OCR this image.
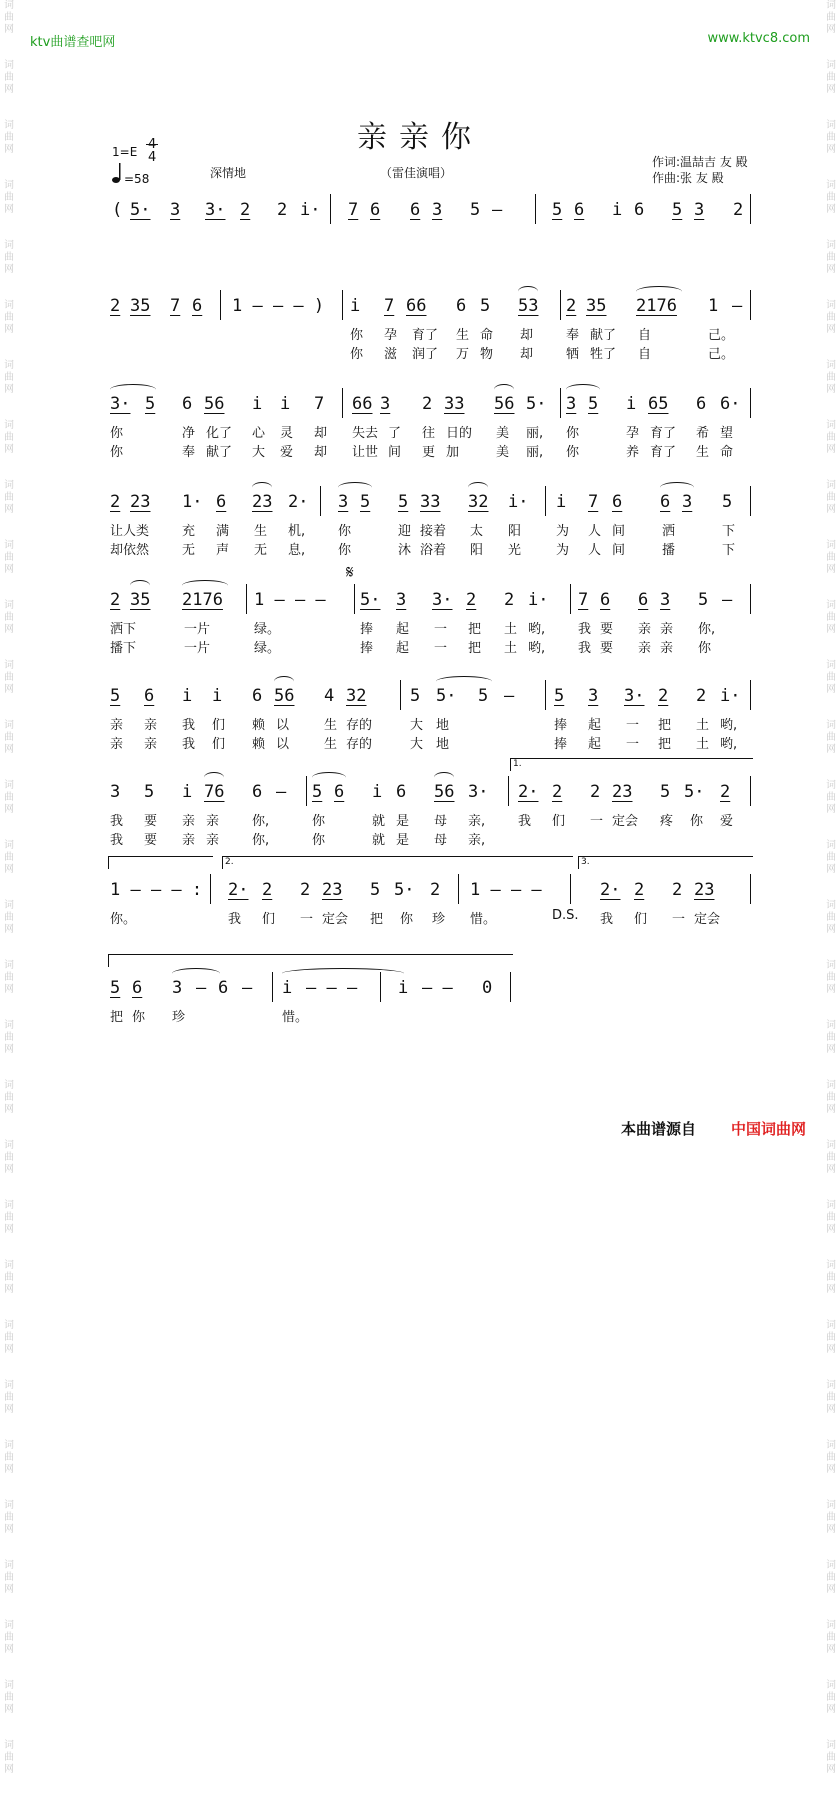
词
曲
网

词
曲
网

词
曲
网

词
曲
网

词
曲
网

词
曲
网

词
曲
网

词
曲
网

词
曲
网

词
曲
网

词
曲
网

词
曲
网

词
曲
网

词
曲
网

词
曲
网

词
曲
网

词
曲
网

词
曲
网

词
曲
网

词
曲
网

词
曲
网

词
曲
网

词
曲
网

词
曲
网

词
曲
网

词
曲
网

词
曲
网

词
曲
网

词
曲
网

词
曲
网

词
曲
网

词
曲
网

词
曲
网

词
曲
网

词
曲
网

词
曲
网

词
曲
网

词
曲
网

词
曲
网

词
曲
网

词
曲
网

词
曲
网

词
曲
网

词
曲
网

词
曲
网

词
曲
网

词
曲
网

词
曲
网

词
曲
网

词
曲
网

词
曲
网

词
曲
网

词
曲
网

词
曲
网

词
曲
网

词
曲
网

词
曲
网

词
曲
网

词
曲
网

词
曲
网

ktv曲谱查吧网	www.ktvc8.com
亲亲你
1=E 4
=58	深情地	（雷佳演唱）
作词:温喆吉 友 殿
作曲:张 友 殿
( 5· 3 3· 2 2 i· 7 6 6 3 5 –	5 6 i 6 5 3 2
2 35 7 6 1 – – – ) i 7 66 6 5 53 2 35 2176 1 –
你 孕 育了 生 命 却	奉 献了 自	己。
你 滋 润了 万 物 却	牺 牲了 自	己。
3· 5 6 56 i i 7 66 3 2 33 56 5· 3 5 i 65 6 6·
你	净 化了 心 灵 却 失去 了 往 日的 美 丽, 你	孕 育了 希 望
你	奉 献了 大 爱 却 让世 间 更 加	美 丽, 你	养 育了 生 命
2 23 1· 6 23 2· 3 5 5 33 32 i· i 7 6 6 3 5
让人类	充 满 生 机,	你	迎 接着 太 阳	为 人 间	洒	下
却依然	无 声 无 息,	你	沐 浴着 阳 光	为 人 间	播	下
2 35 2176 1 – – – 5· 3 3· 2 2 i· 7 6 6 3 5 –
𝄋
洒下	一片	绿。	捧 起 一 把 土 哟,	我 要 亲 亲 你,
播下	一片	绿。	捧 起 一 把 土 哟,	我 要 亲 亲 你
5 6 i i 6 56 4 32	5 5· 5 – 5 3 3· 2 2 i·
亲 亲 我 们 赖 以	生 存的	大 地	捧 起 一 把 土 哟,
亲 亲 我 们 赖 以	生 存的	大 地	捧 起 一 把 土 哟,
3 5 i 76 6 – 5 6 i 6 56 3· 2· 2 2 23 5 5· 2
1.
我 要 亲 亲	你,	你	就 是 母 亲,	我 们 一 定会 疼 你 爱
我 要 亲 亲	你,	你	就 是 母 亲,
1 – – – : 2· 2 2 23 5 5· 2 1 – – –	2· 2 2 23
2.	3.
你。	我 们 一 定会 把 你 珍 惜。	D.S. 我 们 一 定会
5 6 3 – 6 – i – – – i – – 0
把 你 珍	惜。
本曲谱源自 中国词曲网
